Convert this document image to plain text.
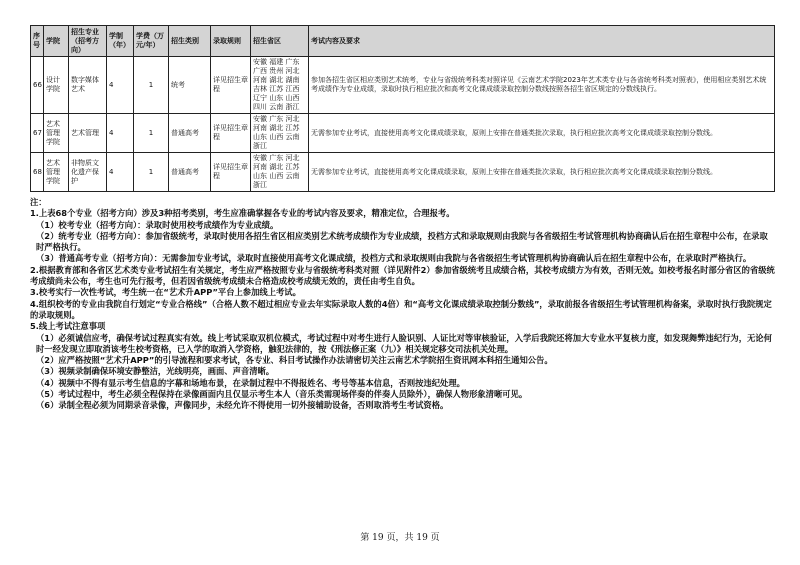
序号	学院	招生专业（招考方向）	学制（年）	学费（万元/年）	招生类别	录取规则	招生省区	考试内容及要求
66	设计学院	数字媒体艺术	4	1	统考	详见招生章程	安徽 福建 广东 广西 贵州 河北 河南 湖北 湖南 吉林 江苏 江西 辽宁 山东 山西 四川 云南 浙江	参加各招生省区相应类别艺术统考，专业与省级统考科类对照详见《云南艺术学院2023年艺术类专业与各省统考科类对照表》，使用相应类别艺术统考成绩作为专业成绩，录取时执行相应批次和高考文化课成绩录取控制分数线按照各招生省区规定的分数线执行。
67	艺术管理学院	艺术管理	4	1	普通高考	详见招生章程	安徽 广东 河北 河南 湖北 江苏 山东 山西 云南 浙江	无需参加专业考试，直接使用高考文化课成绩录取，原则上安排在普通类批次录取，执行相应批次高考文化课成绩录取控制分数线。
68	艺术管理学院	非物质文化遗产保护	4	1	普通高考	详见招生章程	安徽 广东 河北 河南 湖北 江苏 山东 山西 云南 浙江	无需参加专业考试，直接使用高考文化课成绩录取，原则上安排在普通类批次录取，执行相应批次高考文化课成绩录取控制分数线。

注：

1.上表68个专业（招考方向）涉及3种招考类别，考生应准确掌握各专业的考试内容及要求，精准定位，合理报考。

（1）校考专业（招考方向）：录取时使用校考成绩作为专业成绩。

（2）统考专业（招考方向）：参加省级统考，录取时使用各招生省区相应类别艺术统考成绩作为专业成绩，投档方式和录取规则由我院与各省级招生考试管理机构协商确认后在招生章程中公布，在录取时严格执行。

（3）普通高考专业（招考方向）：无需参加专业考试，录取时直接使用高考文化课成绩，投档方式和录取规则由我院与各省级招生考试管理机构协商确认后在招生章程中公布，在录取时严格执行。

2.根据教育部和各省区艺术类专业考试招生有关规定，考生应严格按照专业与省级统考科类对照（详见附件2）参加省级统考且成绩合格，其校考成绩方为有效，否则无效。如校考报名时部分省区的省级统考成绩尚未公布，考生也可先行报考，但若因省级统考成绩未合格造成校考成绩无效的，责任由考生自负。

3.校考实行一次性考试，考生统一在“艺术升APP”平台上参加线上考试。

4.组织校考的专业由我院自行划定“专业合格线”（合格人数不超过相应专业去年实际录取人数的4倍）和“高考文化课成绩录取控制分数线”，录取前报各省级招生考试管理机构备案，录取时执行我院规定的录取规则。

5.线上考试注意事项

（1）必须诚信应考，确保考试过程真实有效。线上考试采取双机位模式，考试过程中对考生进行人脸识别、人证比对等审核验证，入学后我院还将加大专业水平复核力度，如发现舞弊违纪行为，无论何时一经发现立即取消该考生校考资格，已入学的取消入学资格，触犯法律的，按《刑法修正案（九）》相关规定移交司法机关处理。

（2）应严格按照“艺术升APP”的引导流程和要求考试，各专业、科目考试操作办法请密切关注云南艺术学院招生资讯网本科招生通知公告。

（3）视频录制确保环境安静整洁，光线明亮，画面、声音清晰。

（4）视频中不得有显示考生信息的字幕和场地布景，在录制过程中不得报姓名、考号等基本信息，否则按违纪处理。

（5）考试过程中，考生必须全程保持在录像画面内且仅显示考生本人（音乐类需现场伴奏的伴奏人员除外），确保人物形象清晰可见。

（6）录制全程必须为同期录音录像，声像同步，未经允许不得使用一切外接辅助设备，否则取消考生考试资格。

第 19 页，共 19 页
